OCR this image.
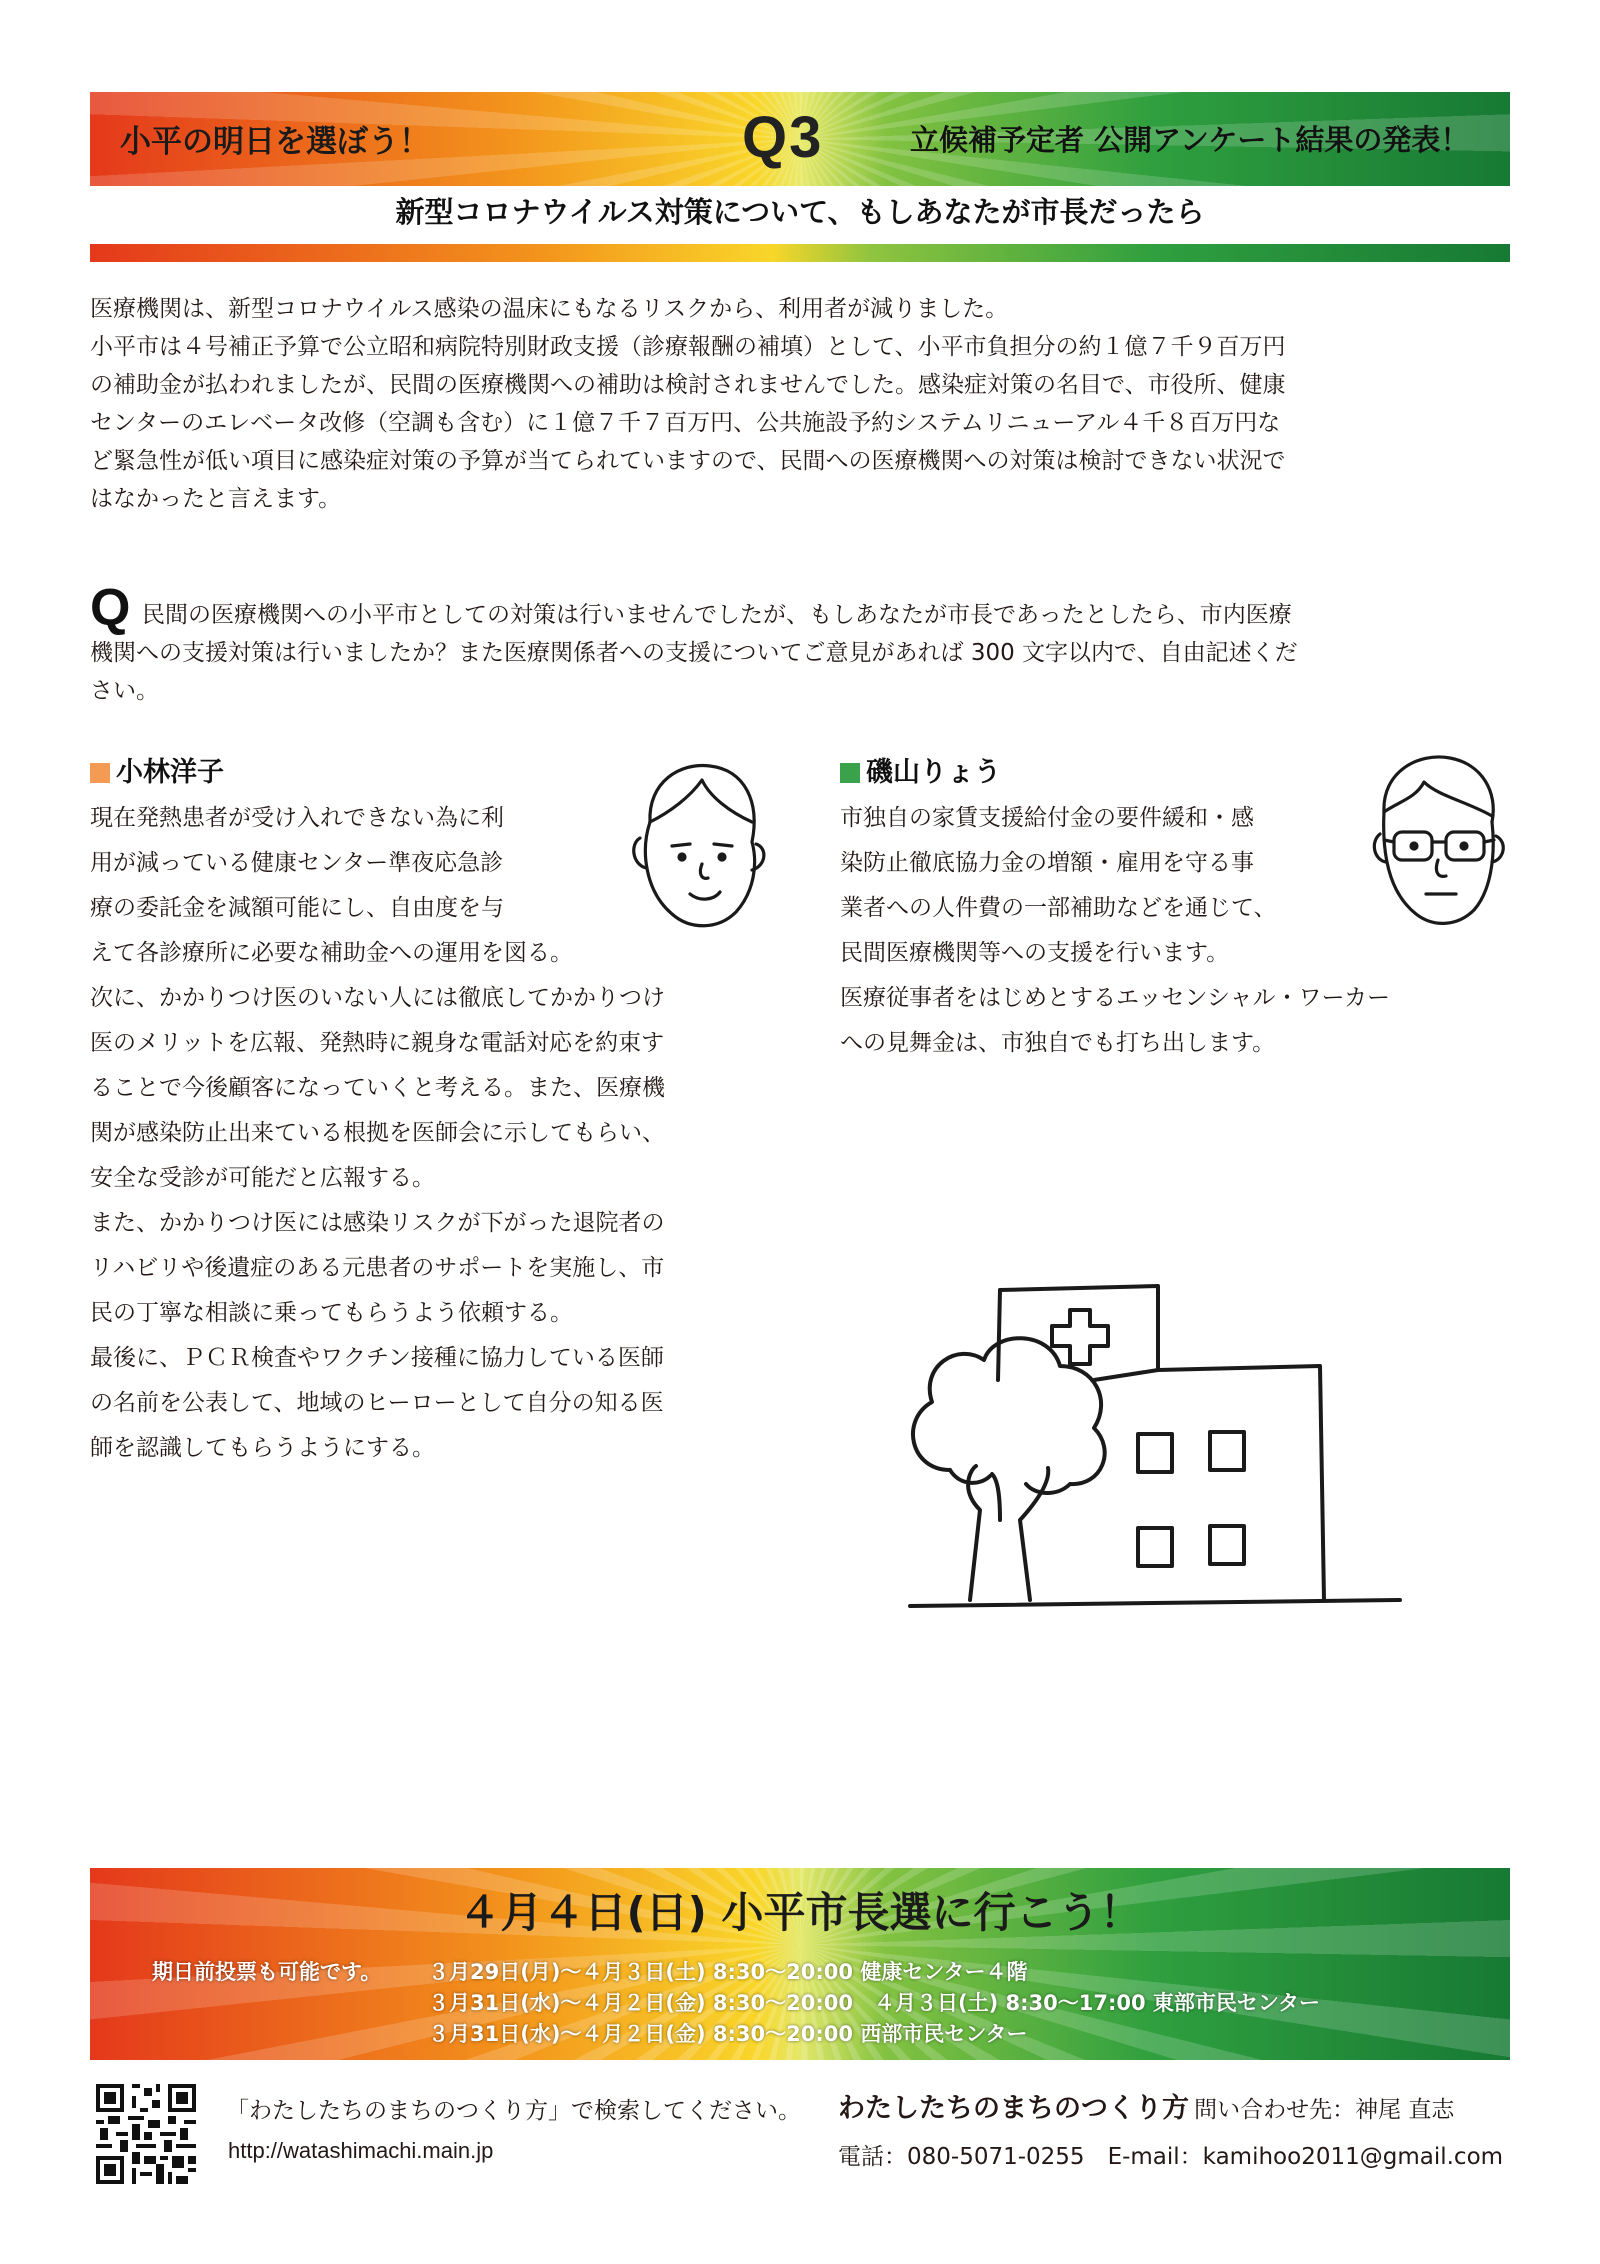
小平の明日を選ぼう！	Q3	立候補予定者 公開アンケート結果の発表！
新型コロナウイルス対策について、もしあなたが市長だったら

医療機関は、新型コロナウイルス感染の温床にもなるリスクから、利用者が減りました。

小平市は４号補正予算で公立昭和病院特別財政支援（診療報酬の補填）として、小平市負担分の約１億７千９百万円

の補助金が払われましたが、民間の医療機関への補助は検討されませんでした。感染症対策の名目で、市役所、健康

センターのエレベータ改修（空調も含む）に１億７千７百万円、公共施設予約システムリニューアル４千８百万円な

ど緊急性が低い項目に感染症対策の予算が当てられていますので、民間への医療機関への対策は検討できない状況で

はなかったと言えます。

Q 民間の医療機関への小平市としての対策は行いませんでしたが、もしあなたが市長であったとしたら、市内医療

機関への支援対策は行いましたか？また医療関係者への支援についてご意見があれば 300 文字以内で、自由記述くだ

さい。

小林洋子

現在発熱患者が受け入れできない為に利

用が減っている健康センター準夜応急診

療の委託金を減額可能にし、自由度を与

えて各診療所に必要な補助金への運用を図る。

次に、かかりつけ医のいない人には徹底してかかりつけ

医のメリットを広報、発熱時に親身な電話対応を約束す

ることで今後顧客になっていくと考える。また、医療機

関が感染防止出来ている根拠を医師会に示してもらい、

安全な受診が可能だと広報する。

また、かかりつけ医には感染リスクが下がった退院者の

リハビリや後遺症のある元患者のサポートを実施し、市

民の丁寧な相談に乗ってもらうよう依頼する。

最後に、ＰＣＲ検査やワクチン接種に協力している医師

の名前を公表して、地域のヒーローとして自分の知る医

師を認識してもらうようにする。

磯山りょう

市独自の家賃支援給付金の要件緩和・感

染防止徹底協力金の増額・雇用を守る事

業者への人件費の一部補助などを通じて、

民間医療機関等への支援を行います。

医療従事者をはじめとするエッセンシャル・ワーカー

への見舞金は、市独自でも打ち出します。

４月４日(日) 小平市長選に行こう！
期日前投票も可能です。 ３月29日(月)～４月３日(土) 8:30～20:00 健康センター４階
３月31日(水)～４月２日(金) 8:30～20:00　４月３日(土) 8:30～17:00 東部市民センター
３月31日(水)～４月２日(金) 8:30～20:00 西部市民センター
「わたしたちのまちのつくり方」で検索してください。
http://watashimachi.main.jp
わたしたちのまちのつくり方 問い合わせ先：神尾 直志
電話：080-5071-0255　E-mail：kamihoo2011@gmail.com
